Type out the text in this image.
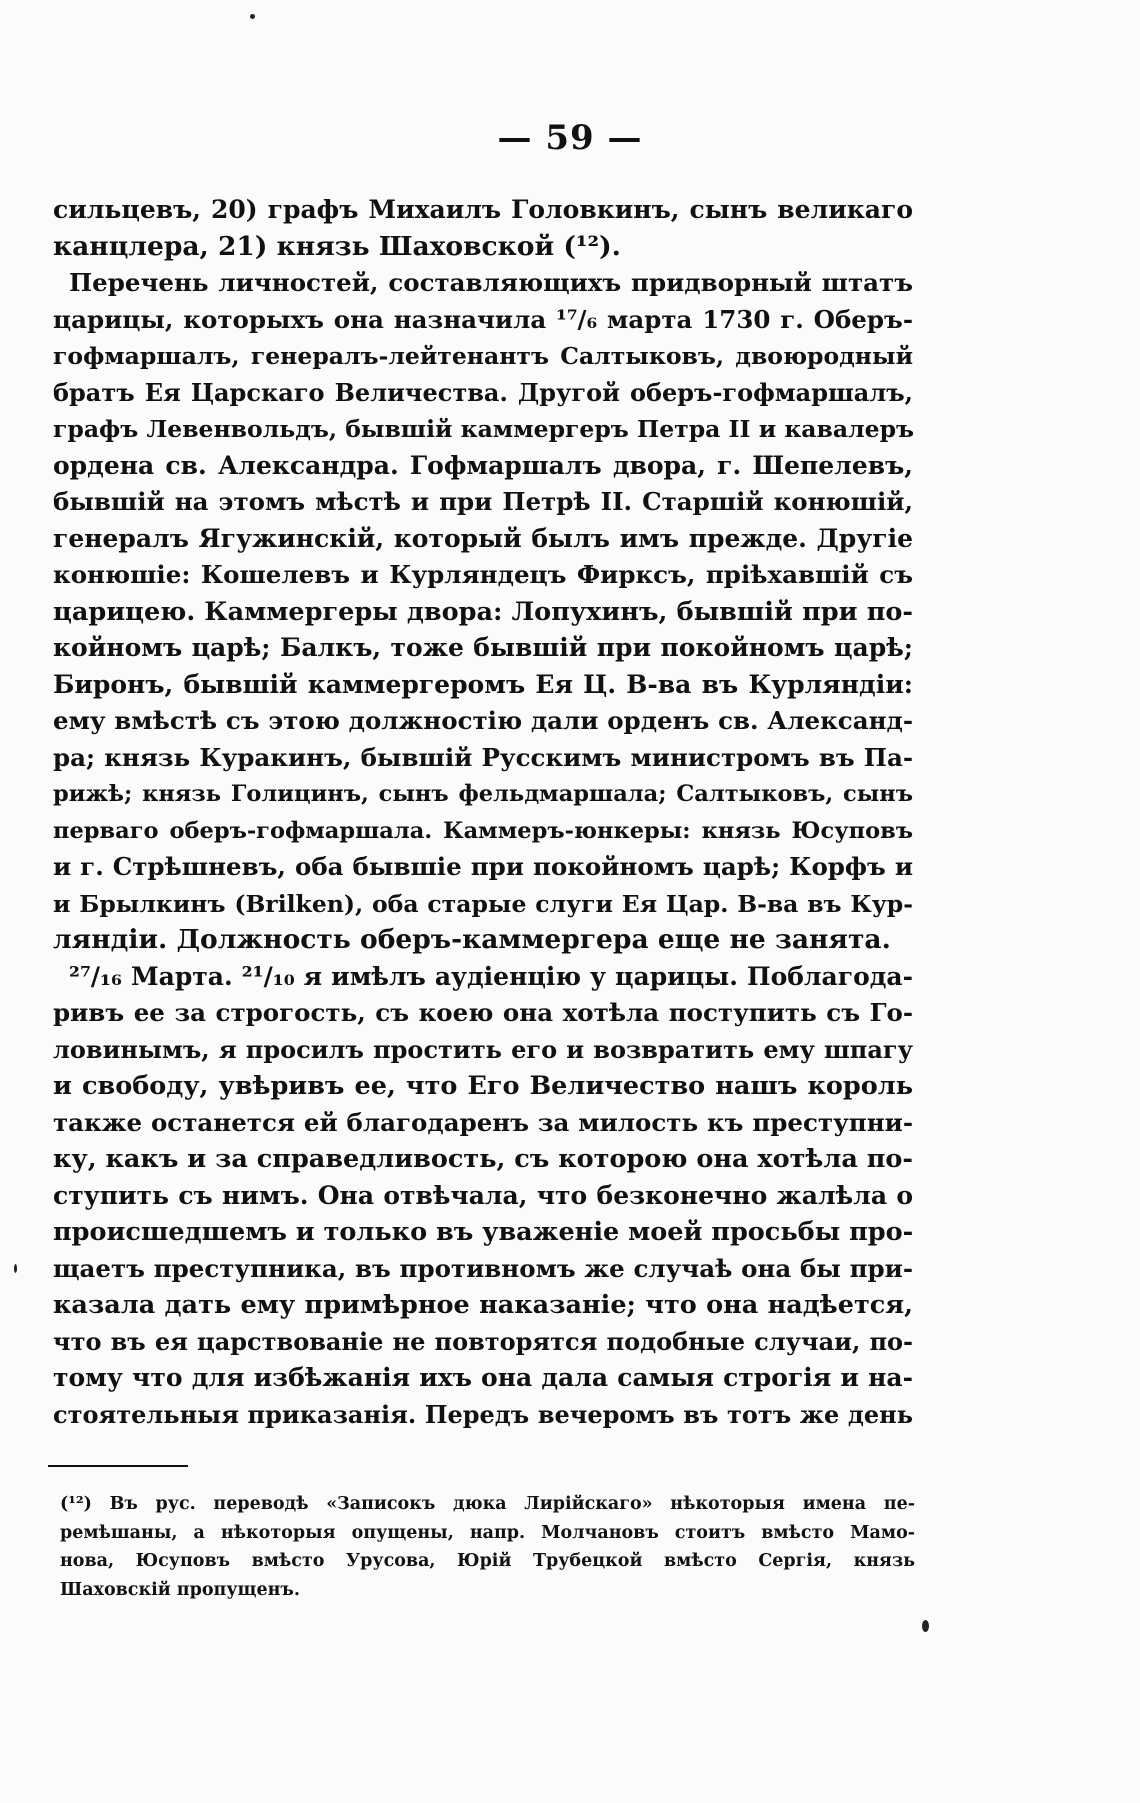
— 59 —
сильцевъ, 20) графъ Михаилъ Головкинъ, сынъ великаго
канцлера, 21) князь Шаховской (¹²).
Перечень личностей, составляющихъ придворный штатъ
царицы, которыхъ она назначила ¹⁷/₆ марта 1730 г. Оберъ-
гофмаршалъ, генералъ-лейтенантъ Салтыковъ, двоюродный
братъ Ея Царскаго Величества. Другой оберъ-гофмаршалъ,
графъ Левенвольдъ, бывшій каммергеръ Петра II и кавалеръ
ордена св. Александра. Гофмаршалъ двора, г. Шепелевъ,
бывшій на этомъ мѣстѣ и при Петрѣ II. Старшій конюшій,
генералъ Ягужинскій, который былъ имъ прежде. Другіе
конюшіе: Кошелевъ и Курляндецъ Фирксъ, пріѣхавшій съ
царицею. Каммергеры двора: Лопухинъ, бывшій при по-
койномъ царѣ; Балкъ, тоже бывшій при покойномъ царѣ;
Биронъ, бывшій каммергеромъ Ея Ц. В-ва въ Курляндіи:
ему вмѣстѣ съ этою должностію дали орденъ св. Александ-
ра; князь Куракинъ, бывшій Русскимъ министромъ въ Па-
рижѣ; князь Голицинъ, сынъ фельдмаршала; Салтыковъ, сынъ
перваго оберъ-гофмаршала. Каммеръ-юнкеры: князь Юсуповъ
и г. Стрѣшневъ, оба бывшіе при покойномъ царѣ; Корфъ и
и Брылкинъ (Brilken), оба старые слуги Ея Цар. В-ва въ Кур-
ляндіи. Должность оберъ-каммергера еще не занята.
²⁷/₁₆ Марта. ²¹/₁₀ я имѣлъ аудіенцію у царицы. Поблагода-
ривъ ее за строгость, съ коею она хотѣла поступить съ Го-
ловинымъ, я просилъ простить его и возвратить ему шпагу
и свободу, увѣривъ ее, что Его Величество нашъ король
также останется ей благодаренъ за милость къ преступни-
ку, какъ и за справедливость, съ которою она хотѣла по-
ступить съ нимъ. Она отвѣчала, что безконечно жалѣла о
происшедшемъ и только въ уваженіе моей просьбы про-
щаетъ преступника, въ противномъ же случаѣ она бы при-
казала дать ему примѣрное наказаніе; что она надѣется,
что въ ея царствованіе не повторятся подобные случаи, по-
тому что для избѣжанія ихъ она дала самыя строгія и на-
стоятельныя приказанія. Передъ вечеромъ въ тотъ же день
(¹²) Въ рус. переводѣ «Записокъ дюка Лирійскаго» нѣкоторыя имена пе-
ремѣшаны, а нѣкоторыя опущены, напр. Молчановъ стоитъ вмѣсто Мамо-
нова, Юсуповъ вмѣсто Урусова, Юрій Трубецкой вмѣсто Сергія, князь
Шаховскій пропущенъ.
